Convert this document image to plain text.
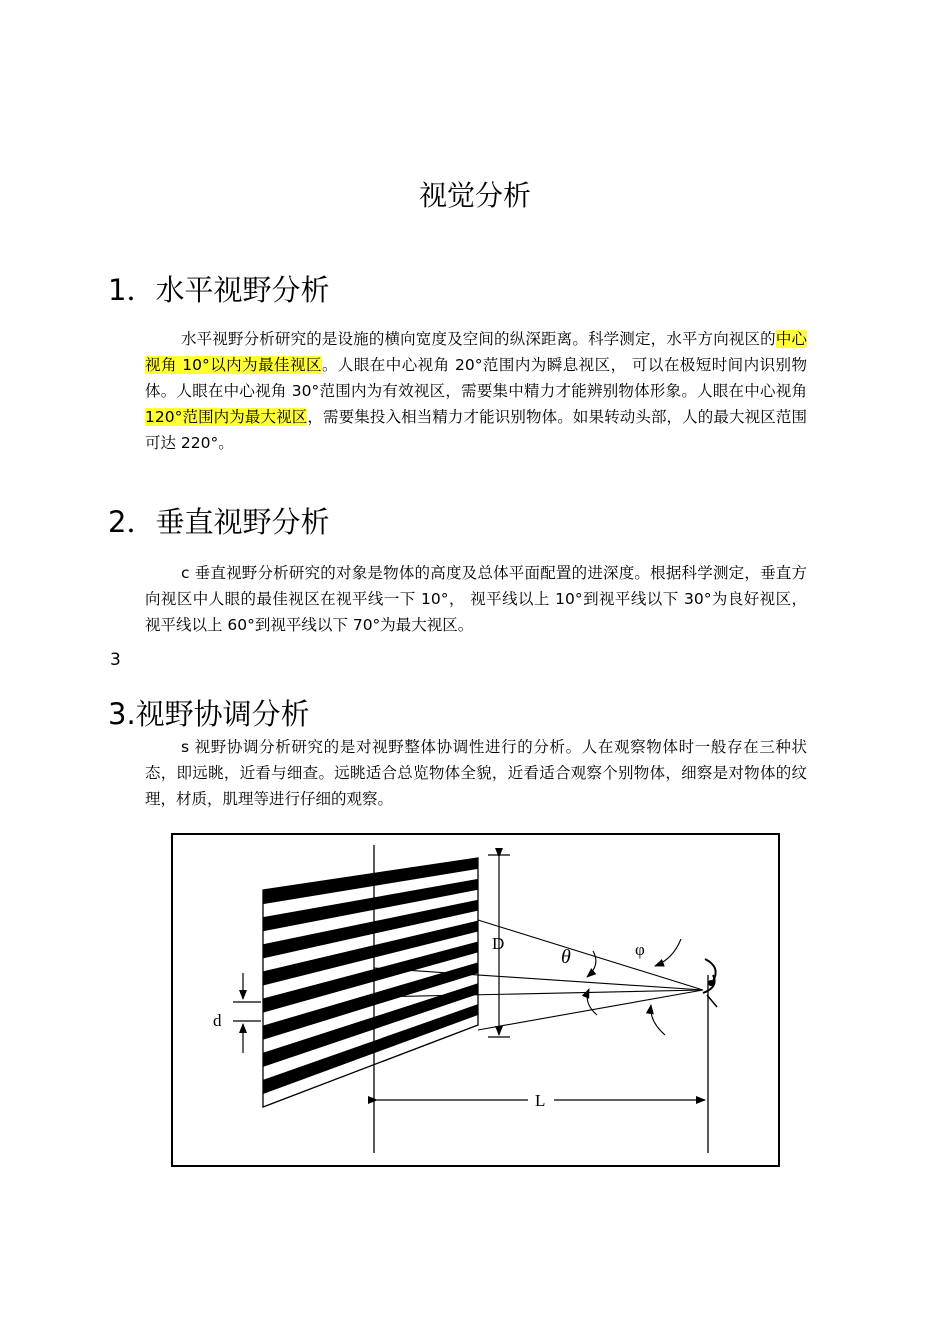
视觉分析
1．水平视野分析

水平视野分析研究的是设施的横向宽度及空间的纵深距离。科学测定，水平方向视区的中心视角 10°以内为最佳视区。人眼在中心视角 20°范围内为瞬息视区， 可以在极短时间内识别物体。人眼在中心视角 30°范围内为有效视区，需要集中精力才能辨别物体形象。人眼在中心视角 120°范围内为最大视区，需要集投入相当精力才能识别物体。如果转动头部，人的最大视区范围可达 220°。

2．垂直视野分析

c 垂直视野分析研究的对象是物体的高度及总体平面配置的进深度。根据科学测定，垂直方向视区中人眼的最佳视区在视平线一下 10°， 视平线以上 10°到视平线以下 30°为良好视区， 视平线以上 60°到视平线以下 70°为最大视区。

3

3.视野协调分析

s 视野协调分析研究的是对视野整体协调性进行的分析。人在观察物体时一般存在三种状态，即远眺，近看与细查。远眺适合总览物体全貌，近看适合观察个别物体，细察是对物体的纹理，材质，肌理等进行仔细的观察。

D
θ	φ
d
L
